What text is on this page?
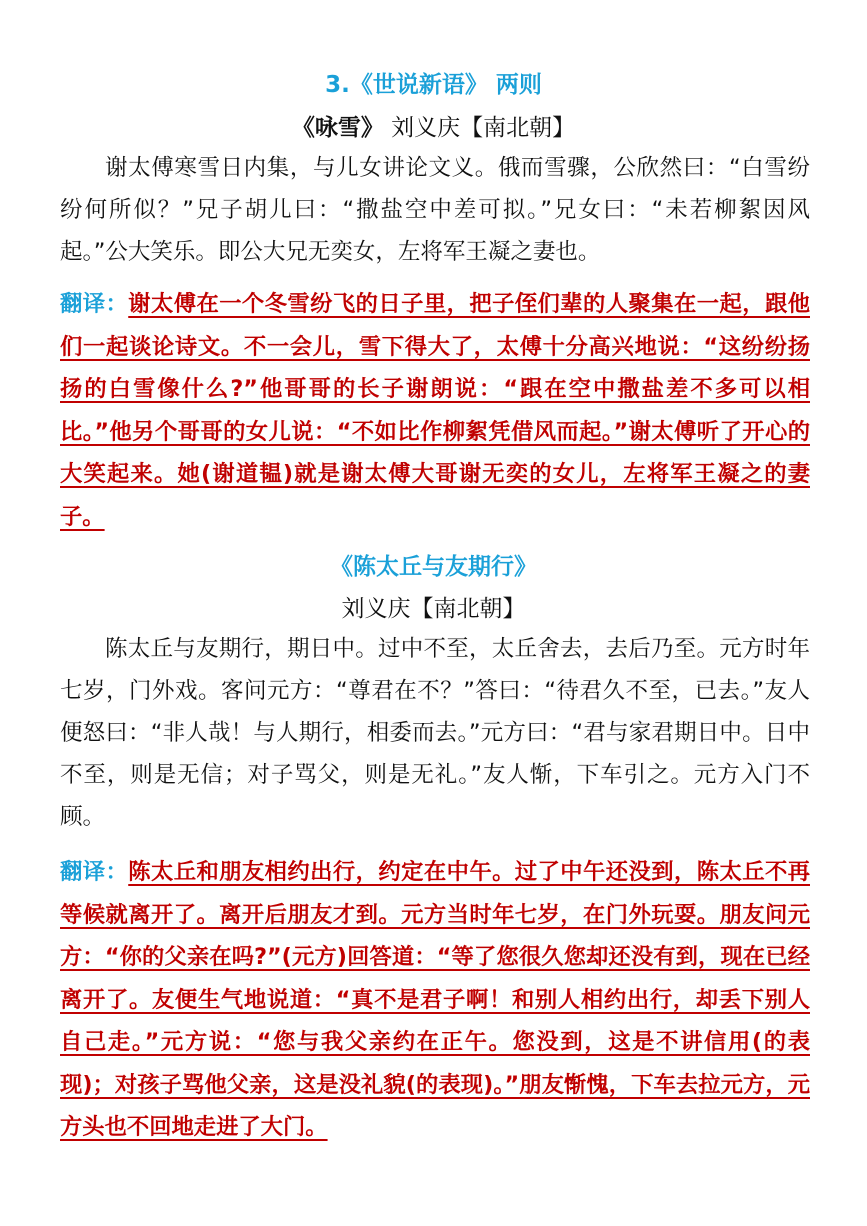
3.《世说新语》 两则
《咏雪》 刘义庆【南北朝】
谢太傅寒雪日内集，与儿女讲论文义。俄而雪骤，公欣然曰：“白雪纷纷何所似？”兄子胡儿曰：“撒盐空中差可拟。”兄女曰：“未若柳絮因风起。”公大笑乐。即公大兄无奕女，左将军王凝之妻也。
翻译：谢太傅在一个冬雪纷飞的日子里，把子侄们辈的人聚集在一起，跟他们一起谈论诗文。不一会儿，雪下得大了，太傅十分高兴地说：“这纷纷扬扬的白雪像什么?”他哥哥的长子谢朗说：“跟在空中撒盐差不多可以相比。”他另个哥哥的女儿说：“不如比作柳絮凭借风而起。”谢太傅听了开心的大笑起来。她(谢道韫)就是谢太傅大哥谢无奕的女儿，左将军王凝之的妻子。
《陈太丘与友期行》
刘义庆【南北朝】
陈太丘与友期行，期日中。过中不至，太丘舍去，去后乃至。元方时年七岁，门外戏。客问元方：“尊君在不？”答曰：“待君久不至，已去。”友人便怒曰：“非人哉！与人期行，相委而去。”元方曰：“君与家君期日中。日中不至，则是无信；对子骂父，则是无礼。”友人惭，下车引之。元方入门不顾。
翻译：陈太丘和朋友相约出行，约定在中午。过了中午还没到，陈太丘不再等候就离开了。离开后朋友才到。元方当时年七岁，在门外玩耍。朋友问元方：“你的父亲在吗?”(元方)回答道：“等了您很久您却还没有到，现在已经离开了。友便生气地说道：“真不是君子啊！和别人相约出行，却丢下别人自己走。”元方说：“您与我父亲约在正午。您没到，这是不讲信用(的表现)；对孩子骂他父亲，这是没礼貌(的表现)。”朋友惭愧，下车去拉元方，元方头也不回地走进了大门。
